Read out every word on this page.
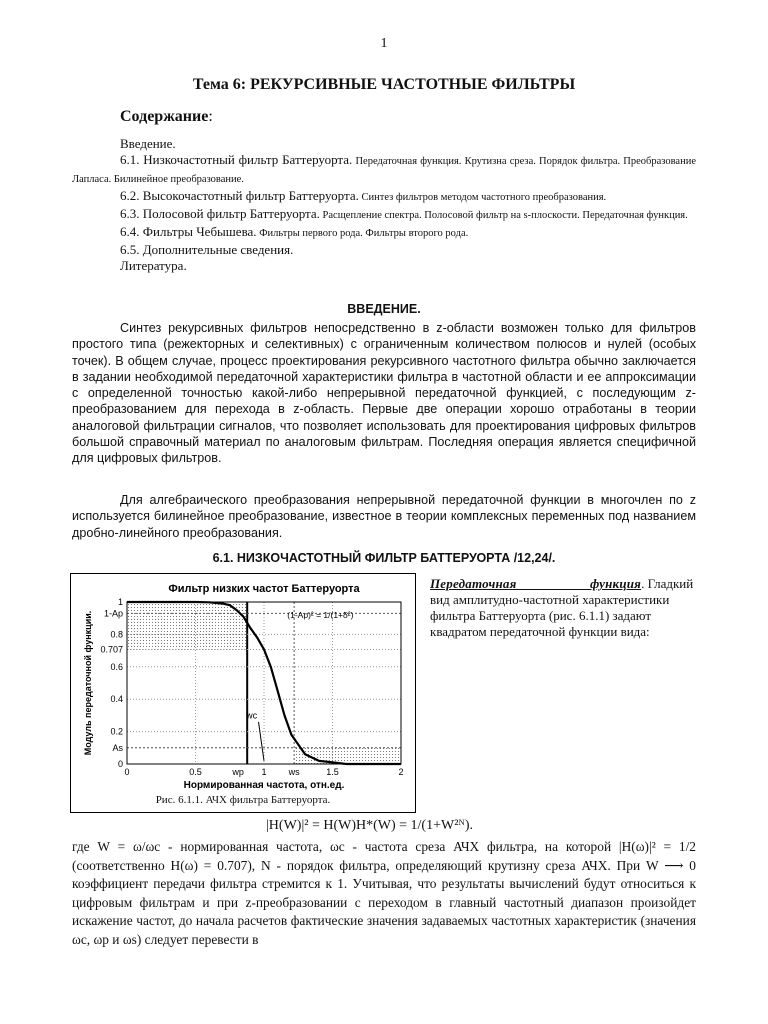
1
Тема 6: РЕКУРСИВНЫЕ ЧАСТОТНЫЕ ФИЛЬТРЫ
Содержание:
Введение.
6.1. Низкочастотный фильтр Баттеруорта. Передаточная функция. Крутизна среза. Порядок фильтра. Преобразование Лапласа. Билинейное преобразование.
6.2. Высокочастотный фильтр Баттеруорта. Синтез фильтров методом частотного преобразования.
6.3. Полосовой фильтр Баттеруорта. Расщепление спектра. Полосовой фильтр на s-плоскости. Передаточная функция.
6.4. Фильтры Чебышева. Фильтры первого рода. Фильтры второго рода.
6.5. Дополнительные сведения.
Литература.
ВВЕДЕНИЕ.
Синтез рекурсивных фильтров непосредственно в z-области возможен только для фильтров простого типа (режекторных и селективных) с ограниченным количеством полюсов и нулей (особых точек). В общем случае, процесс проектирования рекурсивного частотного фильтра обычно заключается в задании необходимой передаточной характеристики фильтра в частотной области и ее аппроксимации с определенной точностью какой-либо непрерывной передаточной функцией, с последующим z-преобразованием для перехода в z-область. Первые две операции хорошо отработаны в теории аналоговой фильтрации сигналов, что позволяет использовать для проектирования цифровых фильтров большой справочный материал по аналоговым фильтрам. Последняя операция является специфичной для цифровых фильтров.
Для алгебраического преобразования непрерывной передаточной функции в многочлен по z используется билинейное преобразование, известное в теории комплексных переменных под названием дробно-линейного преобразования.
6.1. НИЗКОЧАСТОТНЫЙ ФИЛЬТР БАТТЕРУОРТА /12,24/.
Фильтр низких частот Баттеруорта
0
0.2
As
0.4
0.6
0.707
0.8
1-Ap
1
0	0.5	1	1.5	2
wp	ws
wc
(1-Ap)² = 1/(1+δ²)
Нормированная частота, отн.ед.
Модуль передаточной функции.
Рис. 6.1.1. АЧХ фильтра Баттеруорта.
Передаточная функция. Гладкий вид амплитудно-частотной характеристики фильтра Баттеруорта (рис. 6.1.1) задают квадратом передаточной функции вида:
|H(W)|² = H(W)H*(W) = 1/(1+W²ᴺ).
где W = ω/ωc - нормированная частота, ωc - частота среза АЧХ фильтра, на которой |H(ω)|² = 1/2 (соответственно H(ω) = 0.707), N - порядок фильтра, определяющий крутизну среза АЧХ. При W ⟶ 0 коэффициент передачи фильтра стремится к 1. Учитывая, что результаты вычислений будут относиться к цифровым фильтрам и при z-преобразовании с переходом в главный частотный диапазон произойдет искажение частот, до начала расчетов фактические значения задаваемых частотных характеристик (значения ωc, ωp и ωs) следует перевести в
